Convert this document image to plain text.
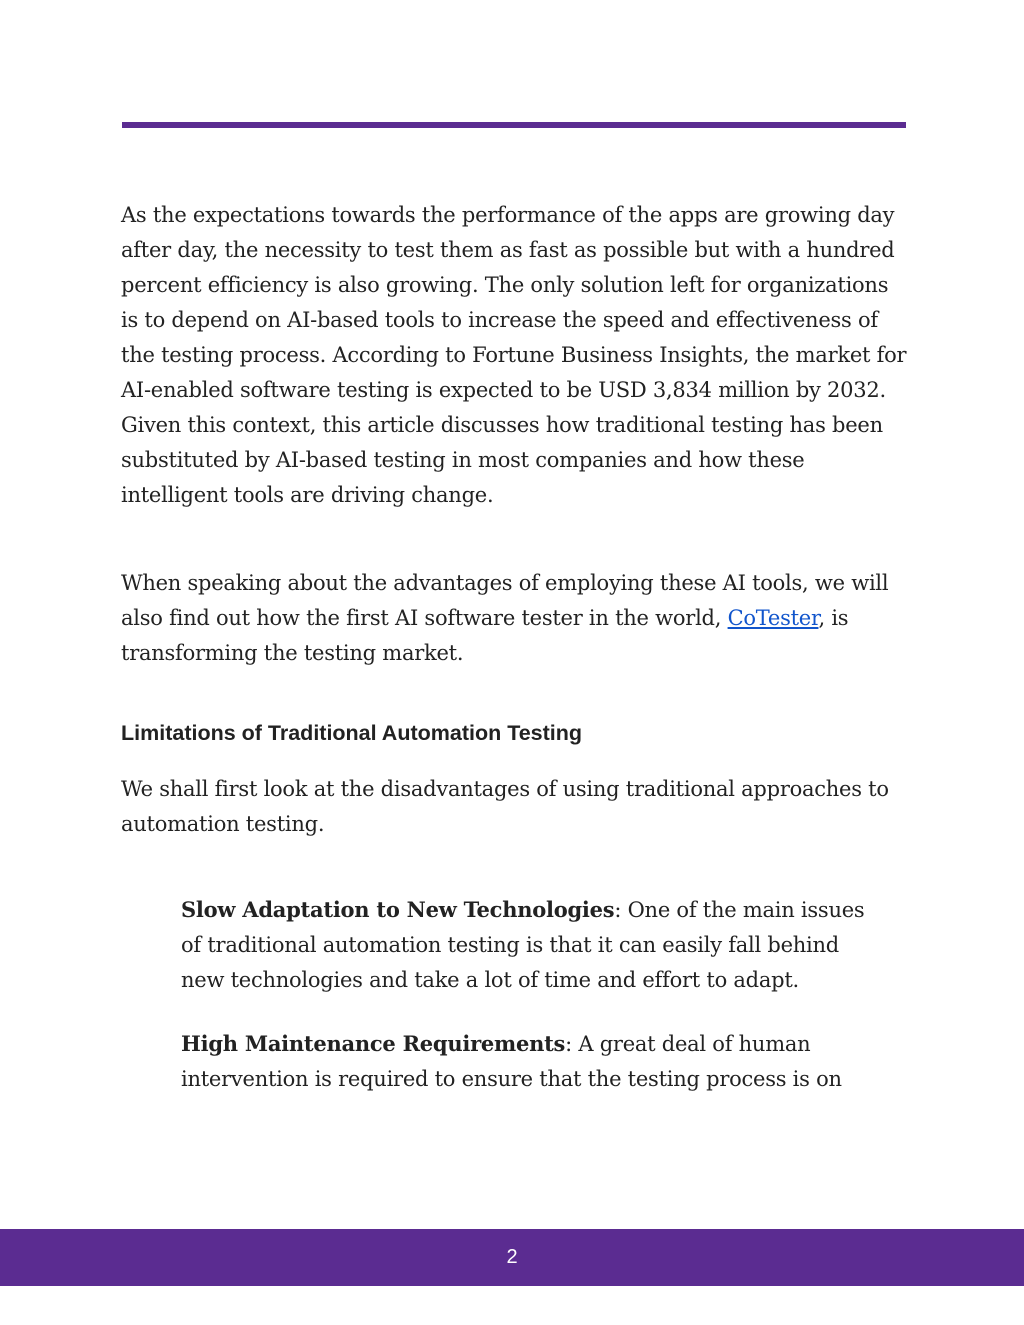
As the expectations towards the performance of the apps are growing day after day, the necessity to test them as fast as possible but with a hundred percent efficiency is also growing. The only solution left for organizations is to depend on AI-based tools to increase the speed and effectiveness of the testing process. According to Fortune Business Insights, the market for AI-enabled software testing is expected to be USD 3,834 million by 2032. Given this context, this article discusses how traditional testing has been substituted by AI-based testing in most companies and how these intelligent tools are driving change.

When speaking about the advantages of employing these AI tools, we will also find out how the first AI software tester in the world, CoTester, is transforming the testing market.

Limitations of Traditional Automation Testing

We shall first look at the disadvantages of using traditional approaches to automation testing.

Slow Adaptation to New Technologies: One of the main issues of traditional automation testing is that it can easily fall behind new technologies and take a lot of time and effort to adapt.
High Maintenance Requirements: A great deal of human intervention is required to ensure that the testing process is on
2
